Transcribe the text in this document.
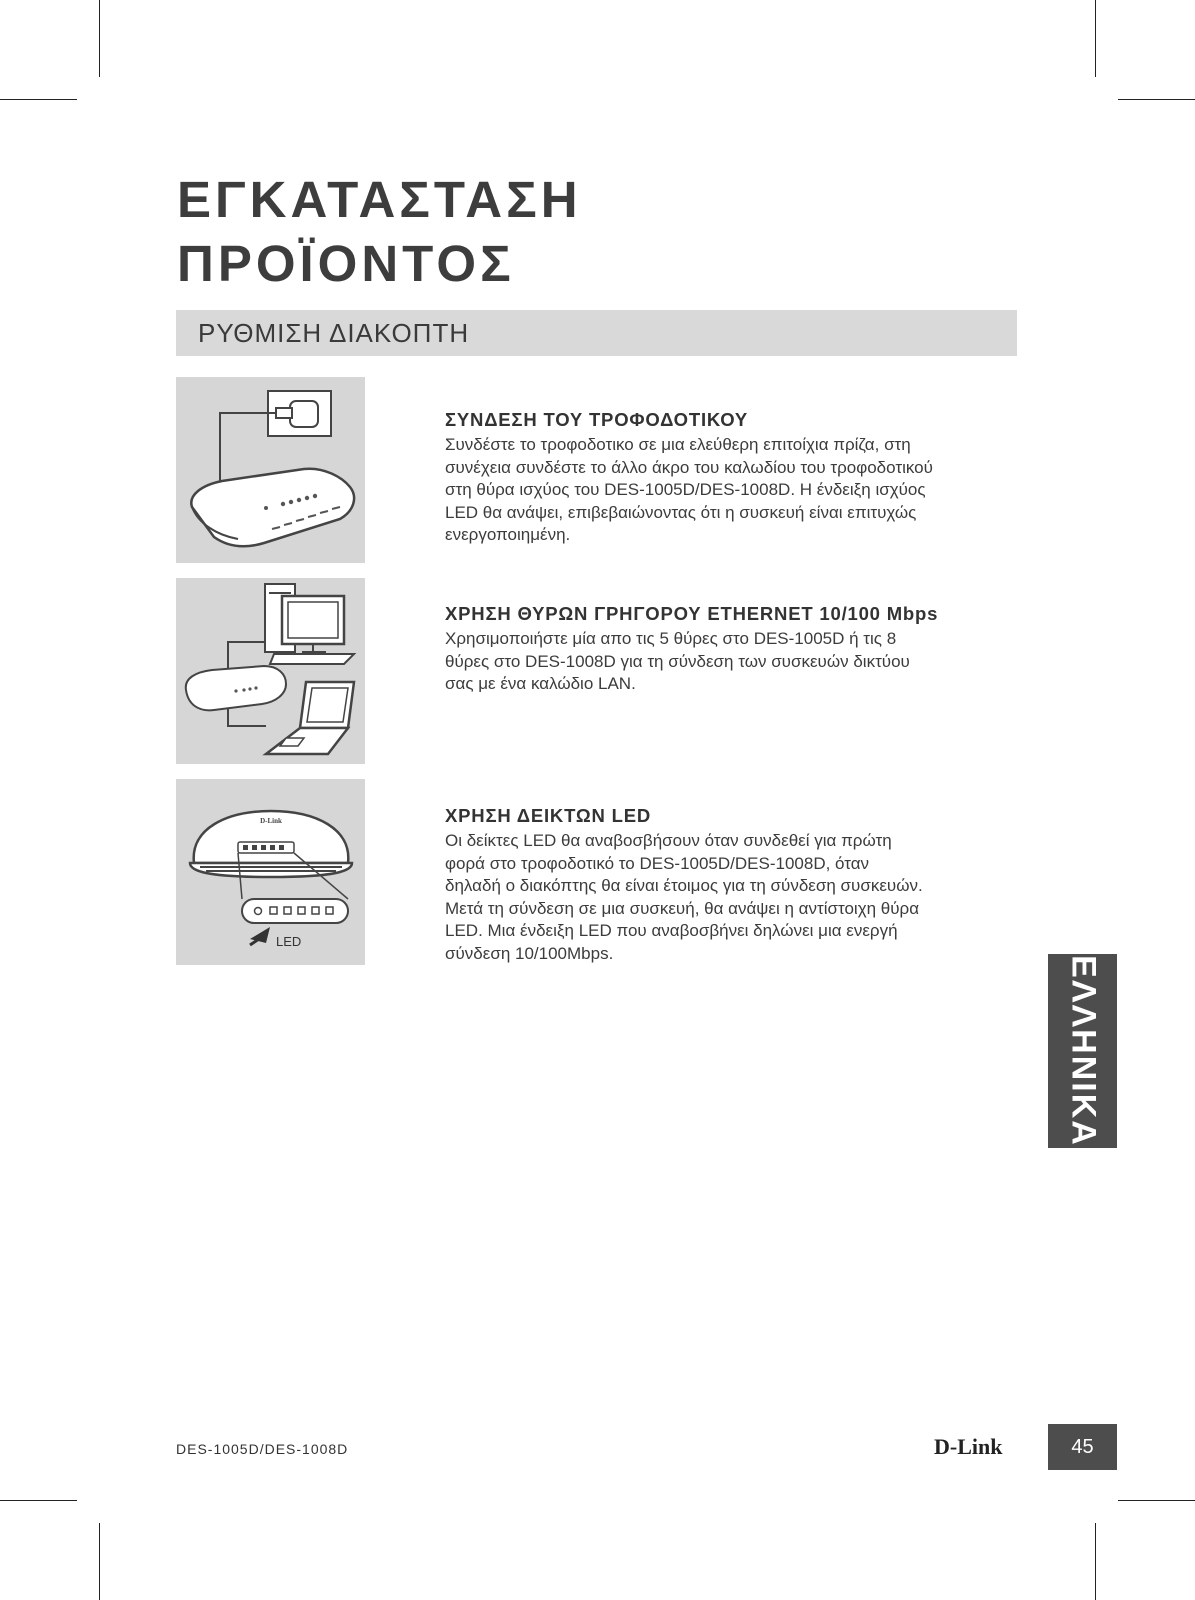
ΕΓΚΑΤΑΣΤΑΣΗ
ΠΡΟΪΟΝΤΟΣ
ΡΥΘΜΙΣΗ ΔΙΑΚΟΠΤΗ
D-Link
LED
ΣΥΝΔΕΣΗ ΤΟΥ ΤΡΟΦΟΔΟΤΙΚΟΥ

Συνδέστε το τροφοδοτικο σε μια ελεύθερη επιτοίχια πρίζα, στη

συνέχεια συνδέστε το άλλο άκρο του καλωδίου του τροφοδοτικού

στη θύρα ισχύος του DES-1005D/DES-1008D. Η ένδειξη ισχύος

LED θα ανάψει, επιβεβαιώνοντας ότι η συσκευή είναι επιτυχώς

ενεργοποιημένη.

ΧΡΗΣΗ ΘΥΡΩΝ ΓΡΗΓΟΡΟΥ ETHERNET 10/100 Mbps

Χρησιμοποιήστε μία απο τις 5 θύρες στο DES-1005D ή τις 8

θύρες στο DES-1008D για τη σύνδεση των συσκευών δικτύου

σας με ένα καλώδιο LAN.

ΧΡΗΣΗ ΔΕΙΚΤΩΝ LED

Οι δείκτες LED θα αναβοσβήσουν όταν συνδεθεί για πρώτη

φορά στο τροφοδοτικό το DES-1005D/DES-1008D, όταν

δηλαδή ο διακόπτης θα είναι έτοιμος για τη σύνδεση συσκευών.

Μετά τη σύνδεση σε μια συσκευή, θα ανάψει η αντίστοιχη θύρα

LED. Μια ένδειξη LED που αναβοσβήνει δηλώνει μια ενεργή

σύνδεση 10/100Mbps.

ΕΛΛΗΝΙΚΑ
DES-1005D/DES-1008D	D-Link	45
